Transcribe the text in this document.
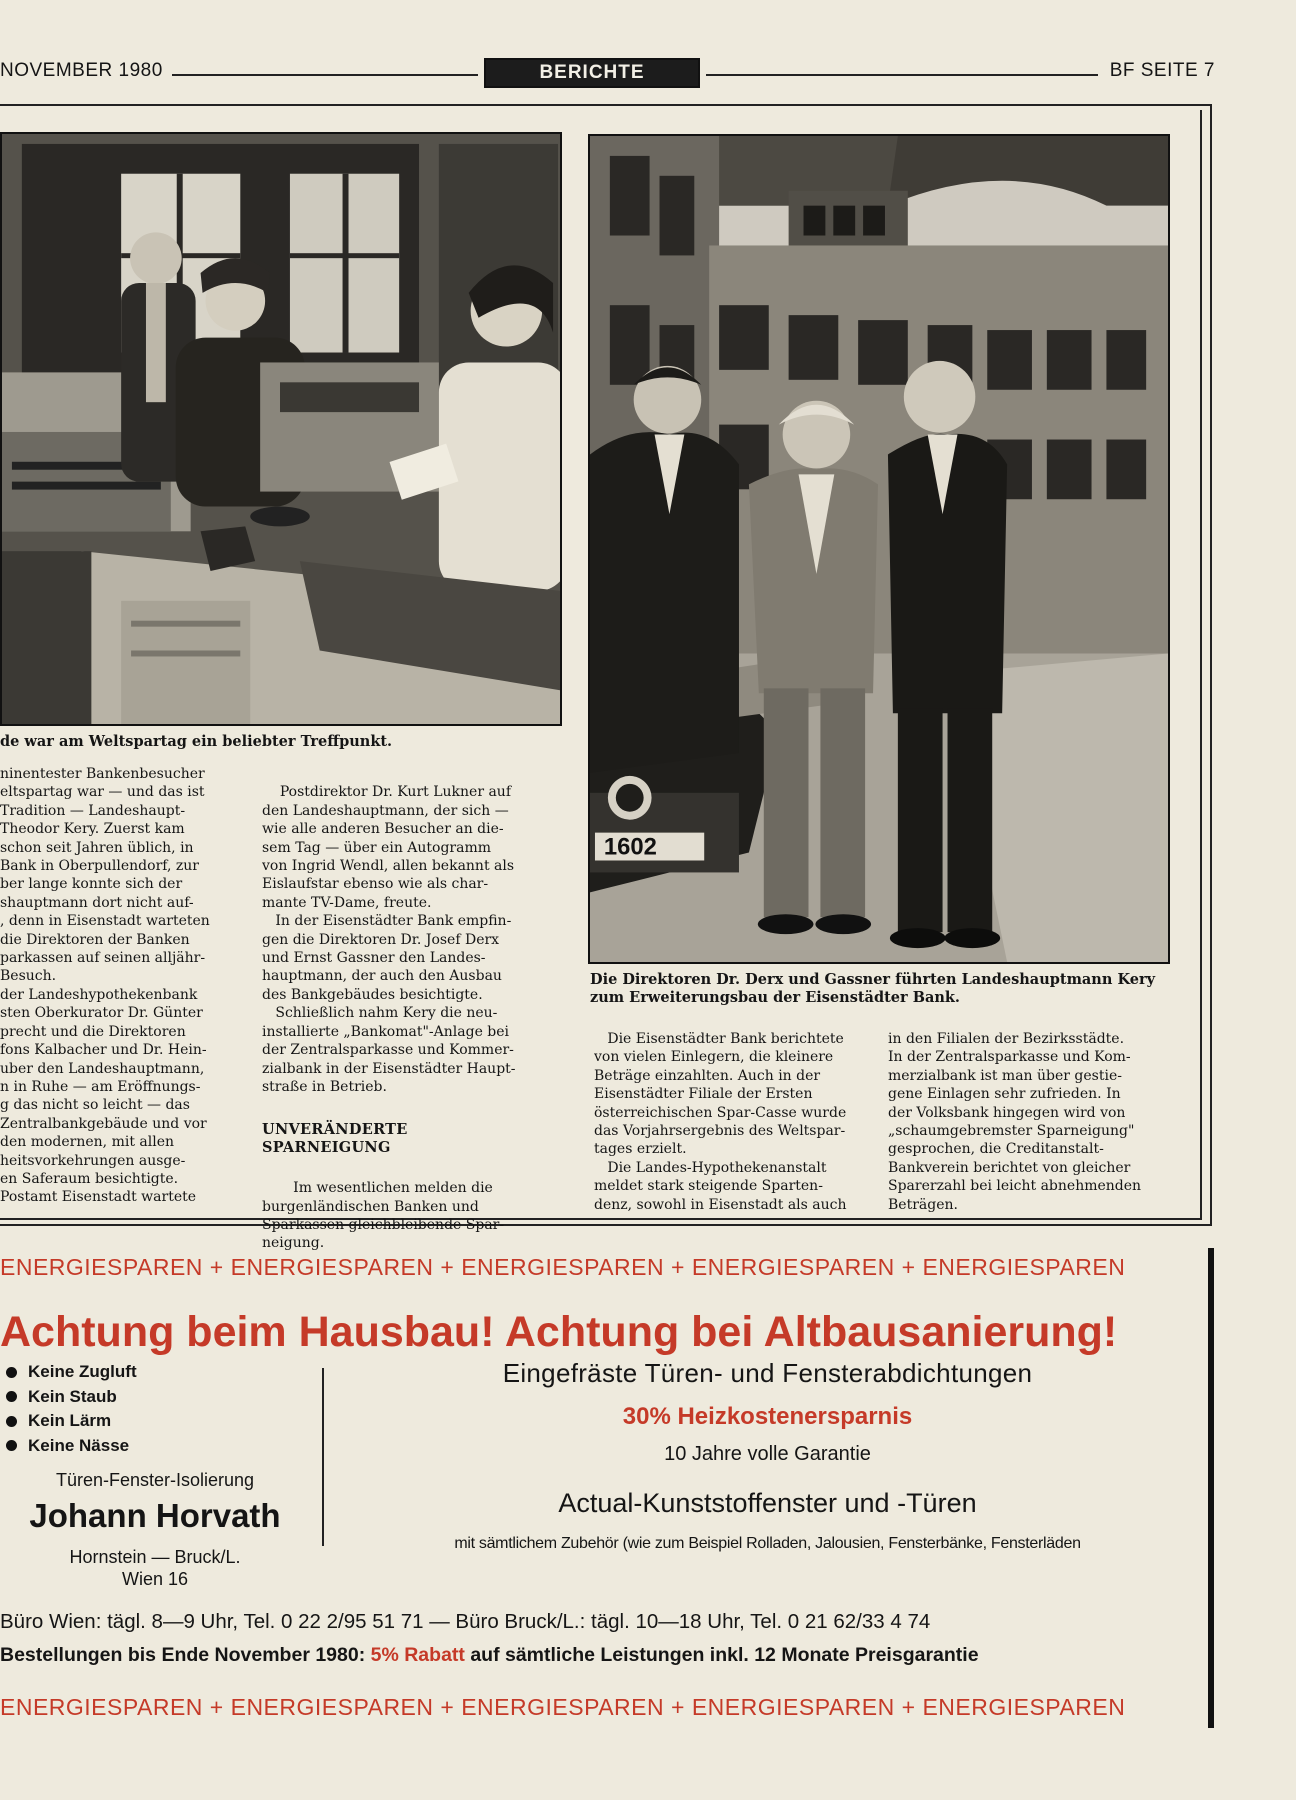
NOVEMBER 1980	BERICHTE	BF SEITE 7
de war am Weltspartag ein beliebter Treffpunkt.
1602
Die Direktoren Dr. Derx und Gassner führten Landeshauptmann Kery zum Erweiterungsbau der Eisenstädter Bank.
ninentester Bankenbesucher
eltspartag war — und das ist
Tradition — Landeshaupt-
Theodor Kery. Zuerst kam
schon seit Jahren üblich, in
Bank in Oberpullendorf, zur
ber lange konnte sich der
shauptmann dort nicht auf-
, denn in Eisenstadt warteten
die Direktoren der Banken
parkassen auf seinen alljähr-
Besuch.
der Landeshypothekenbank
sten Oberkurator Dr. Günter
precht und die Direktoren
fons Kalbacher und Dr. Hein-
uber den Landeshauptmann,
n in Ruhe — am Eröffnungs-
g das nicht so leicht — das
Zentralbankgebäude und vor
den modernen, mit allen
heitsvorkehrungen ausge-
en Saferaum besichtigte.
Postamt Eisenstadt wartete

Postdirektor Dr. Kurt Lukner auf
den Landeshauptmann, der sich —
wie alle anderen Besucher an die-
sem Tag — über ein Autogramm
von Ingrid Wendl, allen bekannt als
Eislaufstar ebenso wie als char-
mante TV-Dame, freute.
In der Eisenstädter Bank empfin-
gen die Direktoren Dr. Josef Derx
und Ernst Gassner den Landes-
hauptmann, der auch den Ausbau
des Bankgebäudes besichtigte.
Schließlich nahm Kery die neu-
installierte „Bankomat"-Anlage bei
der Zentralsparkasse und Kommer-
zialbank in der Eisenstädter Haupt-
straße in Betrieb.

UNVERÄNDERTE
SPARNEIGUNG

Im wesentlichen melden die
burgenländischen Banken und
Sparkassen gleichbleibende Spar-
neigung.

Die Eisenstädter Bank berichtete
von vielen Einlegern, die kleinere
Beträge einzahlten. Auch in der
Eisenstädter Filiale der Ersten
österreichischen Spar-Casse wurde
das Vorjahrsergebnis des Weltspar-
tages erzielt.
Die Landes-Hypothekenanstalt
meldet stark steigende Sparten-
denz, sowohl in Eisenstadt als auch
in den Filialen der Bezirksstädte.
In der Zentralsparkasse und Kom-
merzialbank ist man über gestie-
gene Einlagen sehr zufrieden. In
der Volksbank hingegen wird von
„schaumgebremster Sparneigung"
gesprochen, die Creditanstalt-
Bankverein berichtet von gleicher
Sparerzahl bei leicht abnehmenden
Beträgen.
ENERGIESPAREN + ENERGIESPAREN + ENERGIESPAREN + ENERGIESPAREN + ENERGIESPAREN
Achtung beim Hausbau! Achtung bei Altbausanierung!
Keine Zugluft
Kein Staub
Kein Lärm
Keine Nässe
Türen-Fenster-Isolierung
Johann Horvath
Hornstein — Bruck/L.
Wien 16
Eingefräste Türen- und Fensterabdichtungen
30% Heizkostenersparnis
10 Jahre volle Garantie
Actual-Kunststoffenster und -Türen
mit sämtlichem Zubehör (wie zum Beispiel Rolladen, Jalousien, Fensterbänke, Fensterläden
Büro Wien: tägl. 8—9 Uhr, Tel. 0 22 2/95 51 71 — Büro Bruck/L.: tägl. 10—18 Uhr, Tel. 0 21 62/33 4 74
Bestellungen bis Ende November 1980: 5% Rabatt auf sämtliche Leistungen inkl. 12 Monate Preisgarantie
ENERGIESPAREN + ENERGIESPAREN + ENERGIESPAREN + ENERGIESPAREN + ENERGIESPAREN
